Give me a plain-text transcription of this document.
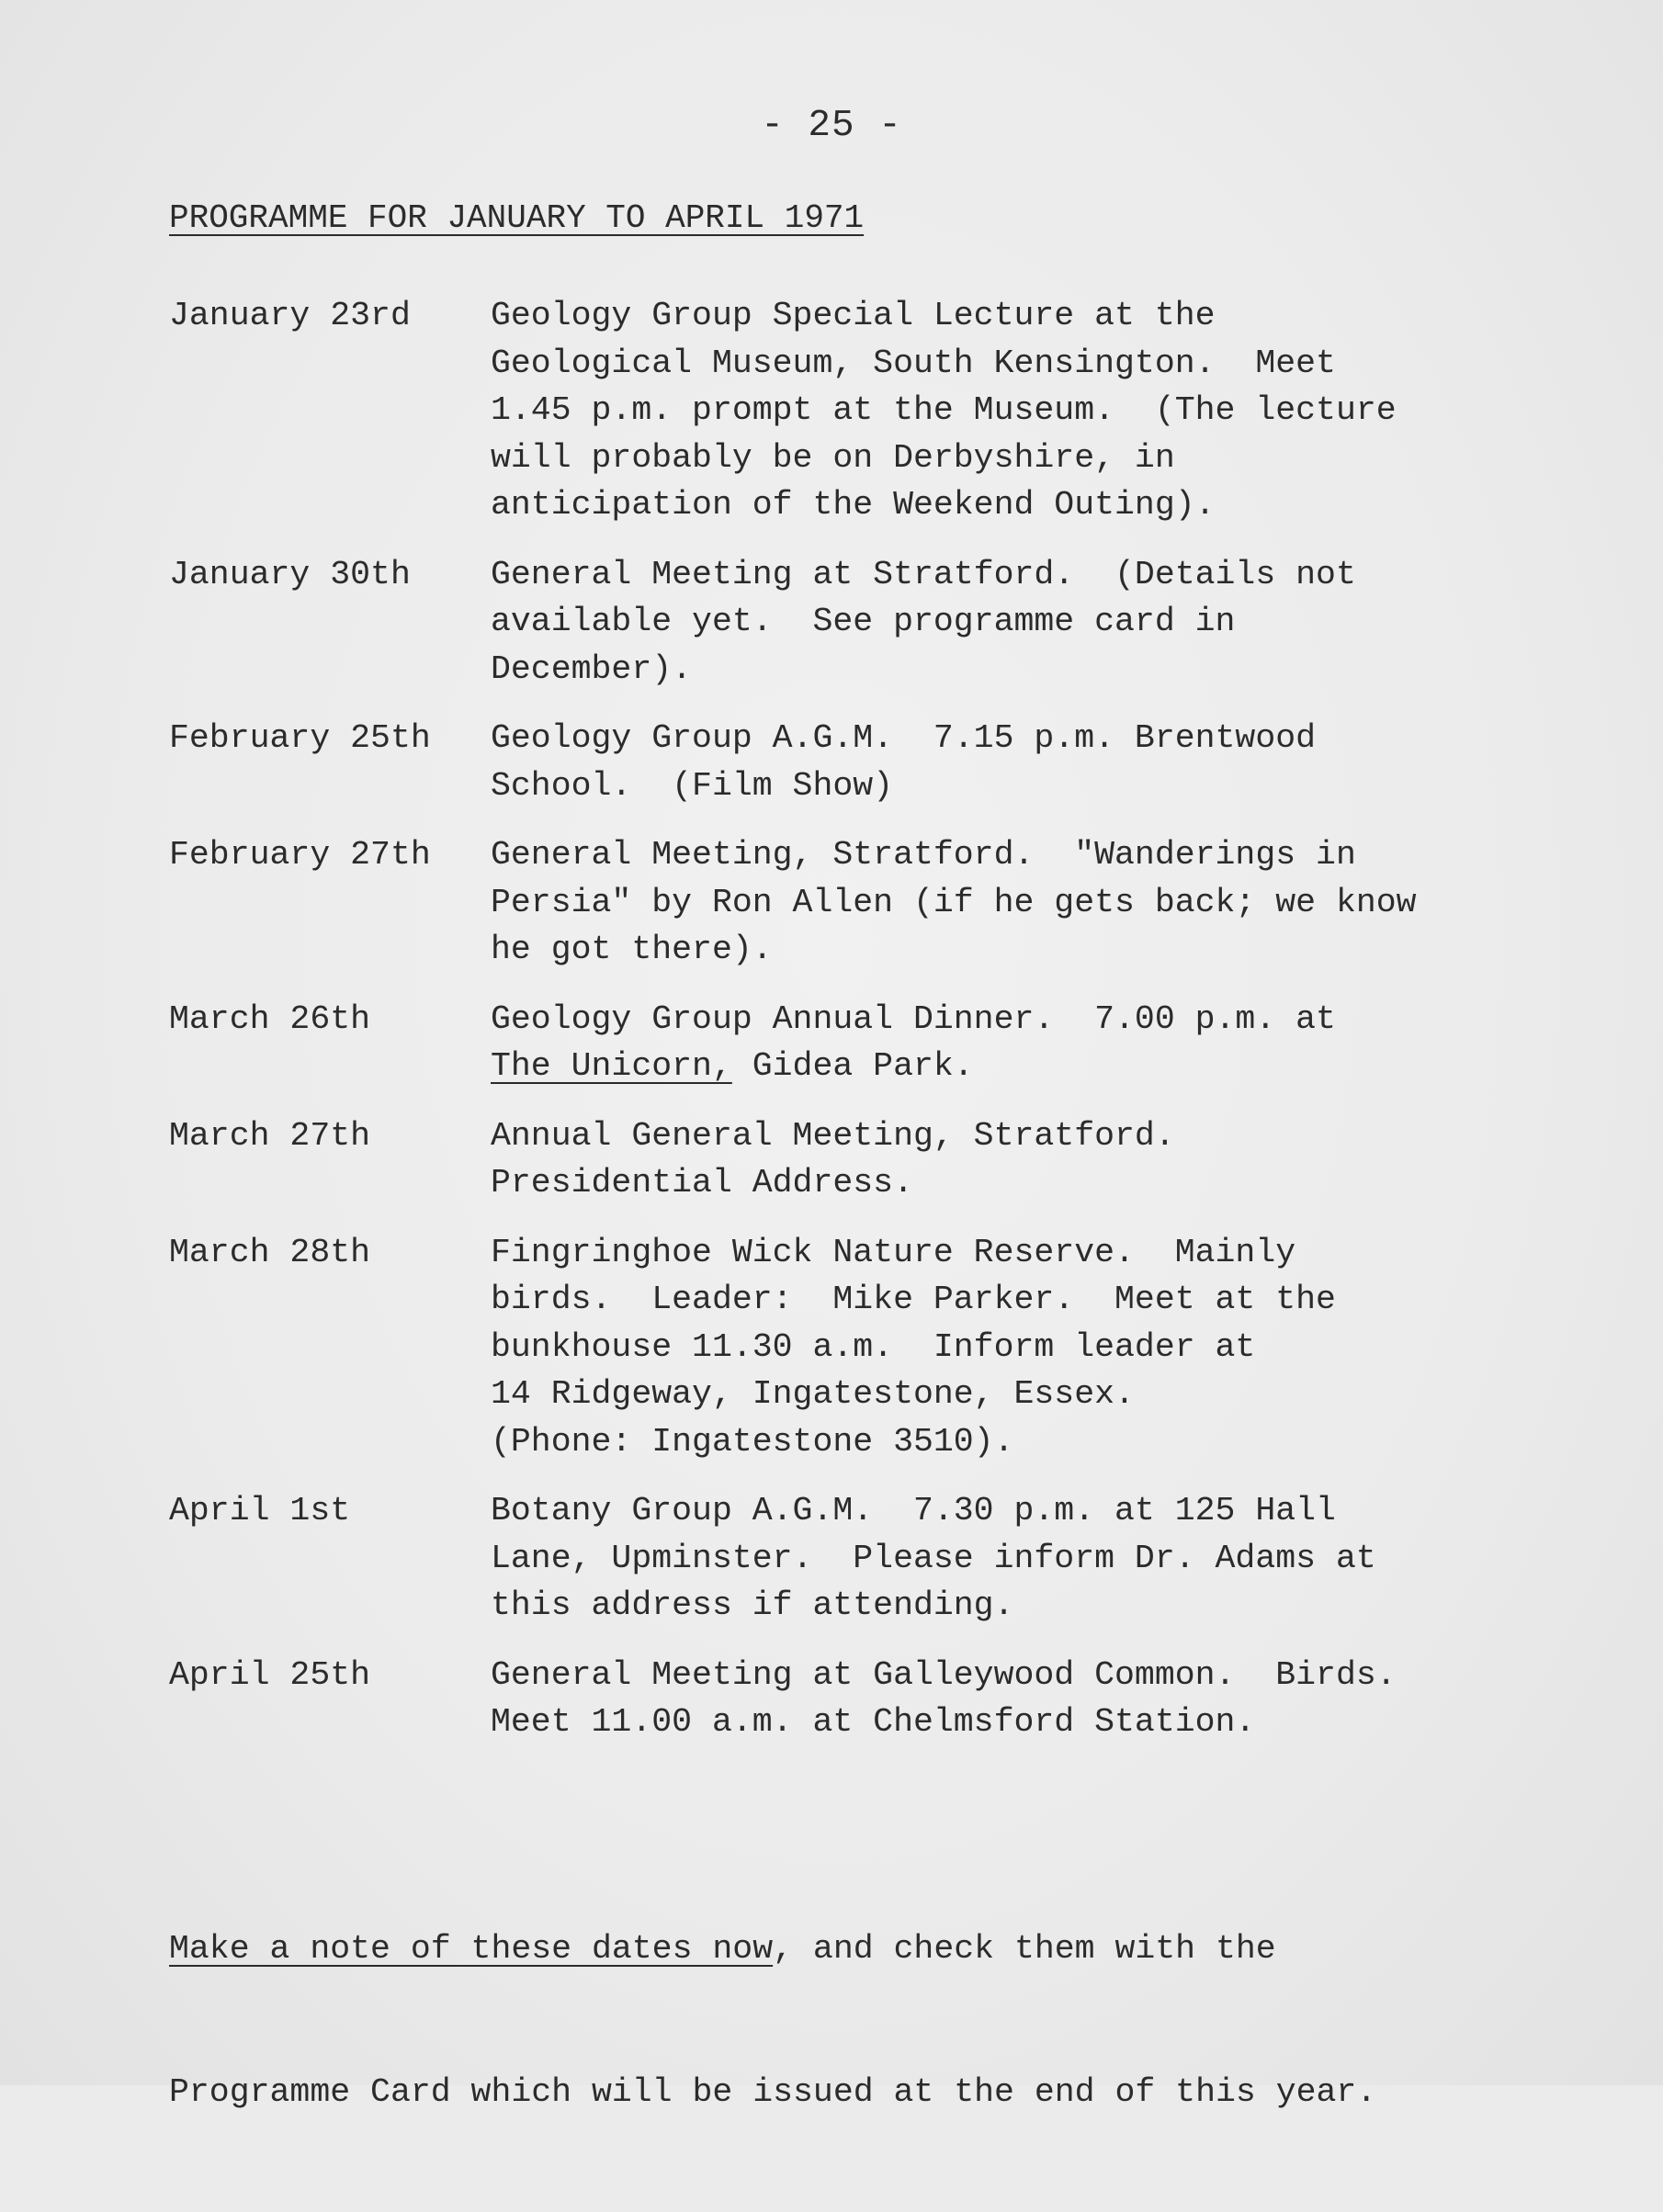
- 25 -
PROGRAMME FOR JANUARY TO APRIL 1971
January 23rd	Geology Group Special Lecture at the
Geological Museum, South Kensington.  Meet
1.45 p.m. prompt at the Museum.  (The lecture
will probably be on Derbyshire, in
anticipation of the Weekend Outing).
January 30th	General Meeting at Stratford.  (Details not
available yet.  See programme card in
December).
February 25th	Geology Group A.G.M.  7.15 p.m. Brentwood
School.  (Film Show)
February 27th	General Meeting, Stratford.  "Wanderings in
Persia" by Ron Allen (if he gets back; we know
he got there).
March 26th	Geology Group Annual Dinner.  7.00 p.m. at
The Unicorn, Gidea Park.
March 27th	Annual General Meeting, Stratford.
Presidential Address.
March 28th	Fingringhoe Wick Nature Reserve.  Mainly
birds.  Leader:  Mike Parker.  Meet at the
bunkhouse 11.30 a.m.  Inform leader at
14 Ridgeway, Ingatestone, Essex.
(Phone: Ingatestone 3510).
April 1st	Botany Group A.G.M.  7.30 p.m. at 125 Hall
Lane, Upminster.  Please inform Dr. Adams at
this address if attending.
April 25th	General Meeting at Galleywood Common.  Birds.
Meet 11.00 a.m. at Chelmsford Station.

Make a note of these dates now, and check them with the

Programme Card which will be issued at the end of this year.
